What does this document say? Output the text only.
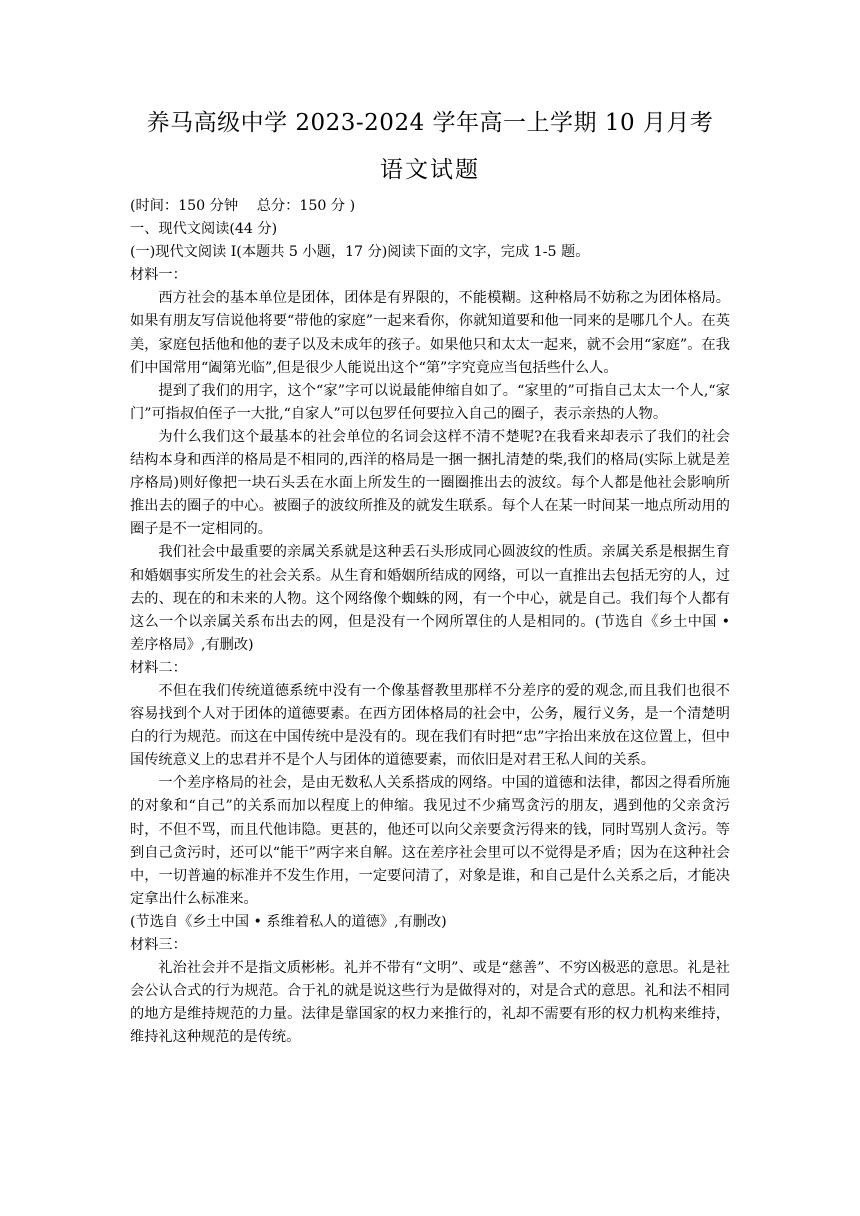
养马高级中学 2023-2024 学年高一上学期 10 月月考
语文试题

(时间：150 分钟　 总分：150 分 )

一、现代文阅读(44 分)

(一)现代文阅读 I(本题共 5 小题，17 分)阅读下面的文字，完成 1-5 题。

材料一：

西方社会的基本单位是团体，团体是有界限的，不能模糊。这种格局不妨称之为团体格局。如果有朋友写信说他将要“带他的家庭”一起来看你，你就知道要和他一同来的是哪几个人。在英美，家庭包括他和他的妻子以及未成年的孩子。如果他只和太太一起来，就不会用“家庭”。在我们中国常用“阖第光临”,但是很少人能说出这个“第”字究竟应当包括些什么人。

提到了我们的用字，这个“家”字可以说最能伸缩自如了。“家里的”可指自己太太一个人,“家门”可指叔伯侄子一大批,“自家人”可以包罗任何要拉入自己的圈子，表示亲热的人物。

为什么我们这个最基本的社会单位的名词会这样不清不楚呢?在我看来却表示了我们的社会结构本身和西洋的格局是不相同的,西洋的格局是一捆一捆扎清楚的柴,我们的格局(实际上就是差序格局)则好像把一块石头丢在水面上所发生的一圈圈推出去的波纹。每个人都是他社会影响所推出去的圈子的中心。被圈子的波纹所推及的就发生联系。每个人在某一时间某一地点所动用的圈子是不一定相同的。

我们社会中最重要的亲属关系就是这种丢石头形成同心圆波纹的性质。亲属关系是根据生育和婚姻事实所发生的社会关系。从生育和婚姻所结成的网络，可以一直推出去包括无穷的人，过去的、现在的和未来的人物。这个网络像个蜘蛛的网，有一个中心，就是自己。我们每个人都有这么一个以亲属关系布出去的网，但是没有一个网所罩住的人是相同的。(节选自《乡土中国 • 差序格局》,有删改)

材料二：

不但在我们传统道德系统中没有一个像基督教里那样不分差序的爱的观念,而且我们也很不容易找到个人对于团体的道德要素。在西方团体格局的社会中，公务，履行义务，是一个清楚明白的行为规范。而这在中国传统中是没有的。现在我们有时把“忠”字抬出来放在这位置上，但中国传统意义上的忠君并不是个人与团体的道德要素，而依旧是对君王私人间的关系。

一个差序格局的社会，是由无数私人关系搭成的网络。中国的道德和法律，都因之得看所施的对象和“自己”的关系而加以程度上的伸缩。我见过不少痛骂贪污的朋友，遇到他的父亲贪污时，不但不骂，而且代他讳隐。更甚的，他还可以向父亲要贪污得来的钱，同时骂别人贪污。等到自己贪污时，还可以“能干”两字来自解。这在差序社会里可以不觉得是矛盾；因为在这种社会中，一切普遍的标准并不发生作用，一定要问清了，对象是谁，和自己是什么关系之后，才能决定拿出什么标准来。

(节选自《乡土中国 • 系维着私人的道德》,有删改)

材料三：

礼治社会并不是指文质彬彬。礼并不带有“文明”、或是“慈善”、不穷凶极恶的意思。礼是社会公认合式的行为规范。合于礼的就是说这些行为是做得对的，对是合式的意思。礼和法不相同的地方是维持规范的力量。法律是靠国家的权力来推行的，礼却不需要有形的权力机构来维持，维持礼这种规范的是传统。
